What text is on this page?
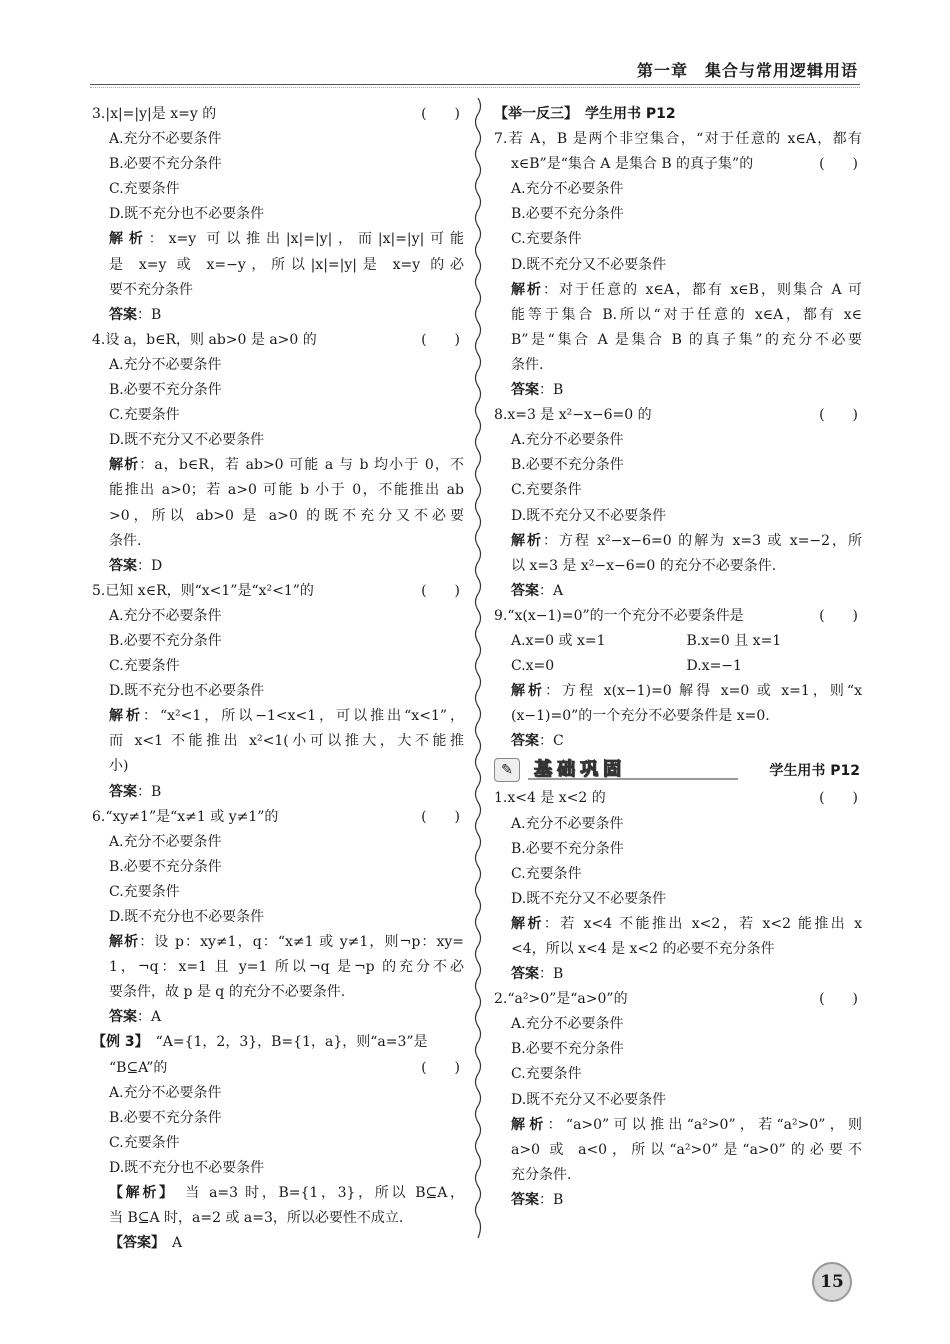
第一章　集合与常用逻辑用语
3.|x|=|y|是 x=y 的	(　　)
A.充分不必要条件
B.必要不充分条件
C.充要条件
D.既不充分也不必要条件
解析：x=y 可以推出|x|=|y|，而|x|=|y|可能
是 x=y 或 x=−y，所以|x|=|y|是 x=y 的必
要不充分条件
答案：B
4.设 a，b∈R，则 ab>0 是 a>0 的	(　　)
A.充分不必要条件
B.必要不充分条件
C.充要条件
D.既不充分又不必要条件
解析：a，b∈R，若 ab>0 可能 a 与 b 均小于 0，不
能推出 a>0；若 a>0 可能 b 小于 0，不能推出 ab
>0，所以 ab>0 是 a>0 的既不充分又不必要
条件.
答案：D
5.已知 x∈R，则“x<1”是“x²<1”的	(　　)
A.充分不必要条件
B.必要不充分条件
C.充要条件
D.既不充分也不必要条件
解析：“x²<1，所以−1<x<1，可以推出“x<1”，
而 x<1 不能推出 x²<1(小可以推大，大不能推
小)
答案：B
6.“xy≠1”是“x≠1 或 y≠1”的	(　　)
A.充分不必要条件
B.必要不充分条件
C.充要条件
D.既不充分也不必要条件
解析：设 p：xy≠1，q：“x≠1 或 y≠1，则¬p：xy=
1，¬q：x=1 且 y=1 所以¬q 是¬p 的充分不必
要条件，故 p 是 q 的充分不必要条件.
答案：A
【例 3】　“A={1，2，3}，B={1，a}，则“a=3”是
“B⊆A”的	(　　)
A.充分不必要条件
B.必要不充分条件
C.充要条件
D.既不充分也不必要条件
【解析】　当 a=3 时，B={1，3}，所以 B⊆A，
当 B⊆A 时，a=2 或 a=3，所以必要性不成立.
【答案】　A
【举一反三】　学生用书 P12
7.若 A，B 是两个非空集合，“对于任意的 x∈A，都有
x∈B”是“集合 A 是集合 B 的真子集”的	(　　)
A.充分不必要条件
B.必要不充分条件
C.充要条件
D.既不充分又不必要条件
解析：对于任意的 x∈A，都有 x∈B，则集合 A 可
能等于集合 B.所以“对于任意的 x∈A，都有 x∈
B”是“集合 A 是集合 B 的真子集”的充分不必要
条件.
答案：B
8.x=3 是 x²−x−6=0 的	(　　)
A.充分不必要条件
B.必要不充分条件
C.充要条件
D.既不充分又不必要条件
解析：方程 x²−x−6=0 的解为 x=3 或 x=−2，所
以 x=3 是 x²−x−6=0 的充分不必要条件.
答案：A
9.“x(x−1)=0”的一个充分不必要条件是	(　　)
A.x=0 或 x=1	B.x=0 且 x=1
C.x=0	D.x=−1
解析：方程 x(x−1)=0 解得 x=0 或 x=1，则“x
(x−1)=0”的一个充分不必要条件是 x=0.
答案：C
✎	基础巩固	学生用书 P12
1.x<4 是 x<2 的	(　　)
A.充分不必要条件
B.必要不充分条件
C.充要条件
D.既不充分又不必要条件
解析：若 x<4 不能推出 x<2，若 x<2 能推出 x
<4，所以 x<4 是 x<2 的必要不充分条件
答案：B
2.“a²>0”是“a>0”的	(　　)
A.充分不必要条件
B.必要不充分条件
C.充要条件
D.既不充分又不必要条件
解析：“a>0”可以推出“a²>0”，若“a²>0”，则
a>0 或 a<0，所以“a²>0”是“a>0”的必要不
充分条件.
答案：B
15
